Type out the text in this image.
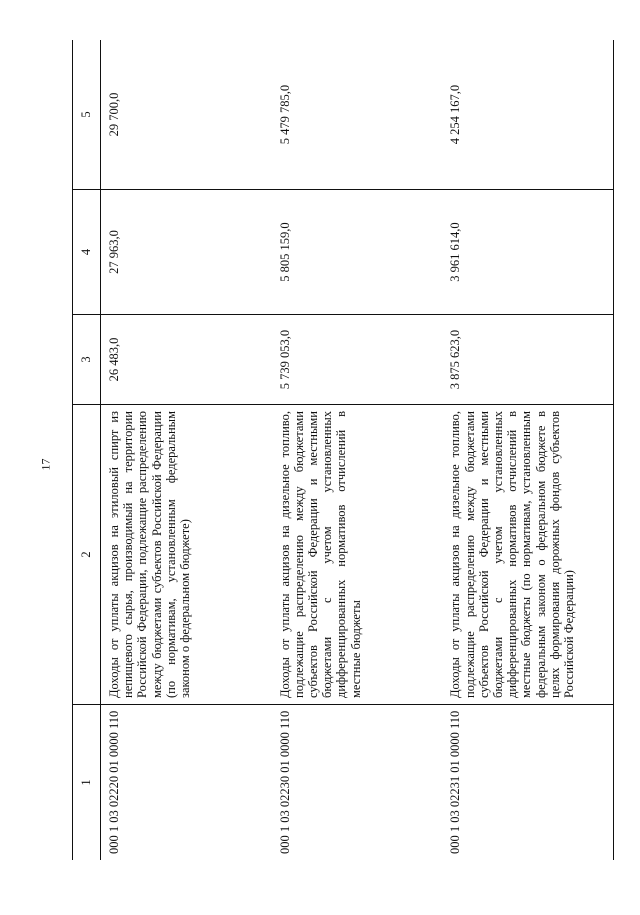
17
1
2
3
4
5
000 1 03 02220 01 0000 110
Доходы от уплаты акцизов на этиловый спирт из непищевого сырья, производимый на территории Российской Федерации, подлежащие распределению между бюджетами субъектов Российской Федерации (по нормативам, установленным федеральным законом о федеральном бюджете)
26 483,0
27 963,0
29 700,0
000 1 03 02230 01 0000 110
Доходы от уплаты акцизов на дизельное топливо, подлежащие распределению между бюджетами субъектов Российской Федерации и местными бюджетами с учетом установленных дифференцированных нормативов отчислений в местные бюджеты
5 739 053,0
5 805 159,0
5 479 785,0
000 1 03 02231 01 0000 110
Доходы от уплаты акцизов на дизельное топливо, подлежащие распределению между бюджетами субъектов Российской Федерации и местными бюджетами с учетом установленных дифференцированных нормативов отчислений в местные бюджеты (по нормативам, установленным федеральным законом о федеральном бюджете в целях формирования дорожных фондов субъектов Российской Федерации)
3 875 623,0
3 961 614,0
4 254 167,0
